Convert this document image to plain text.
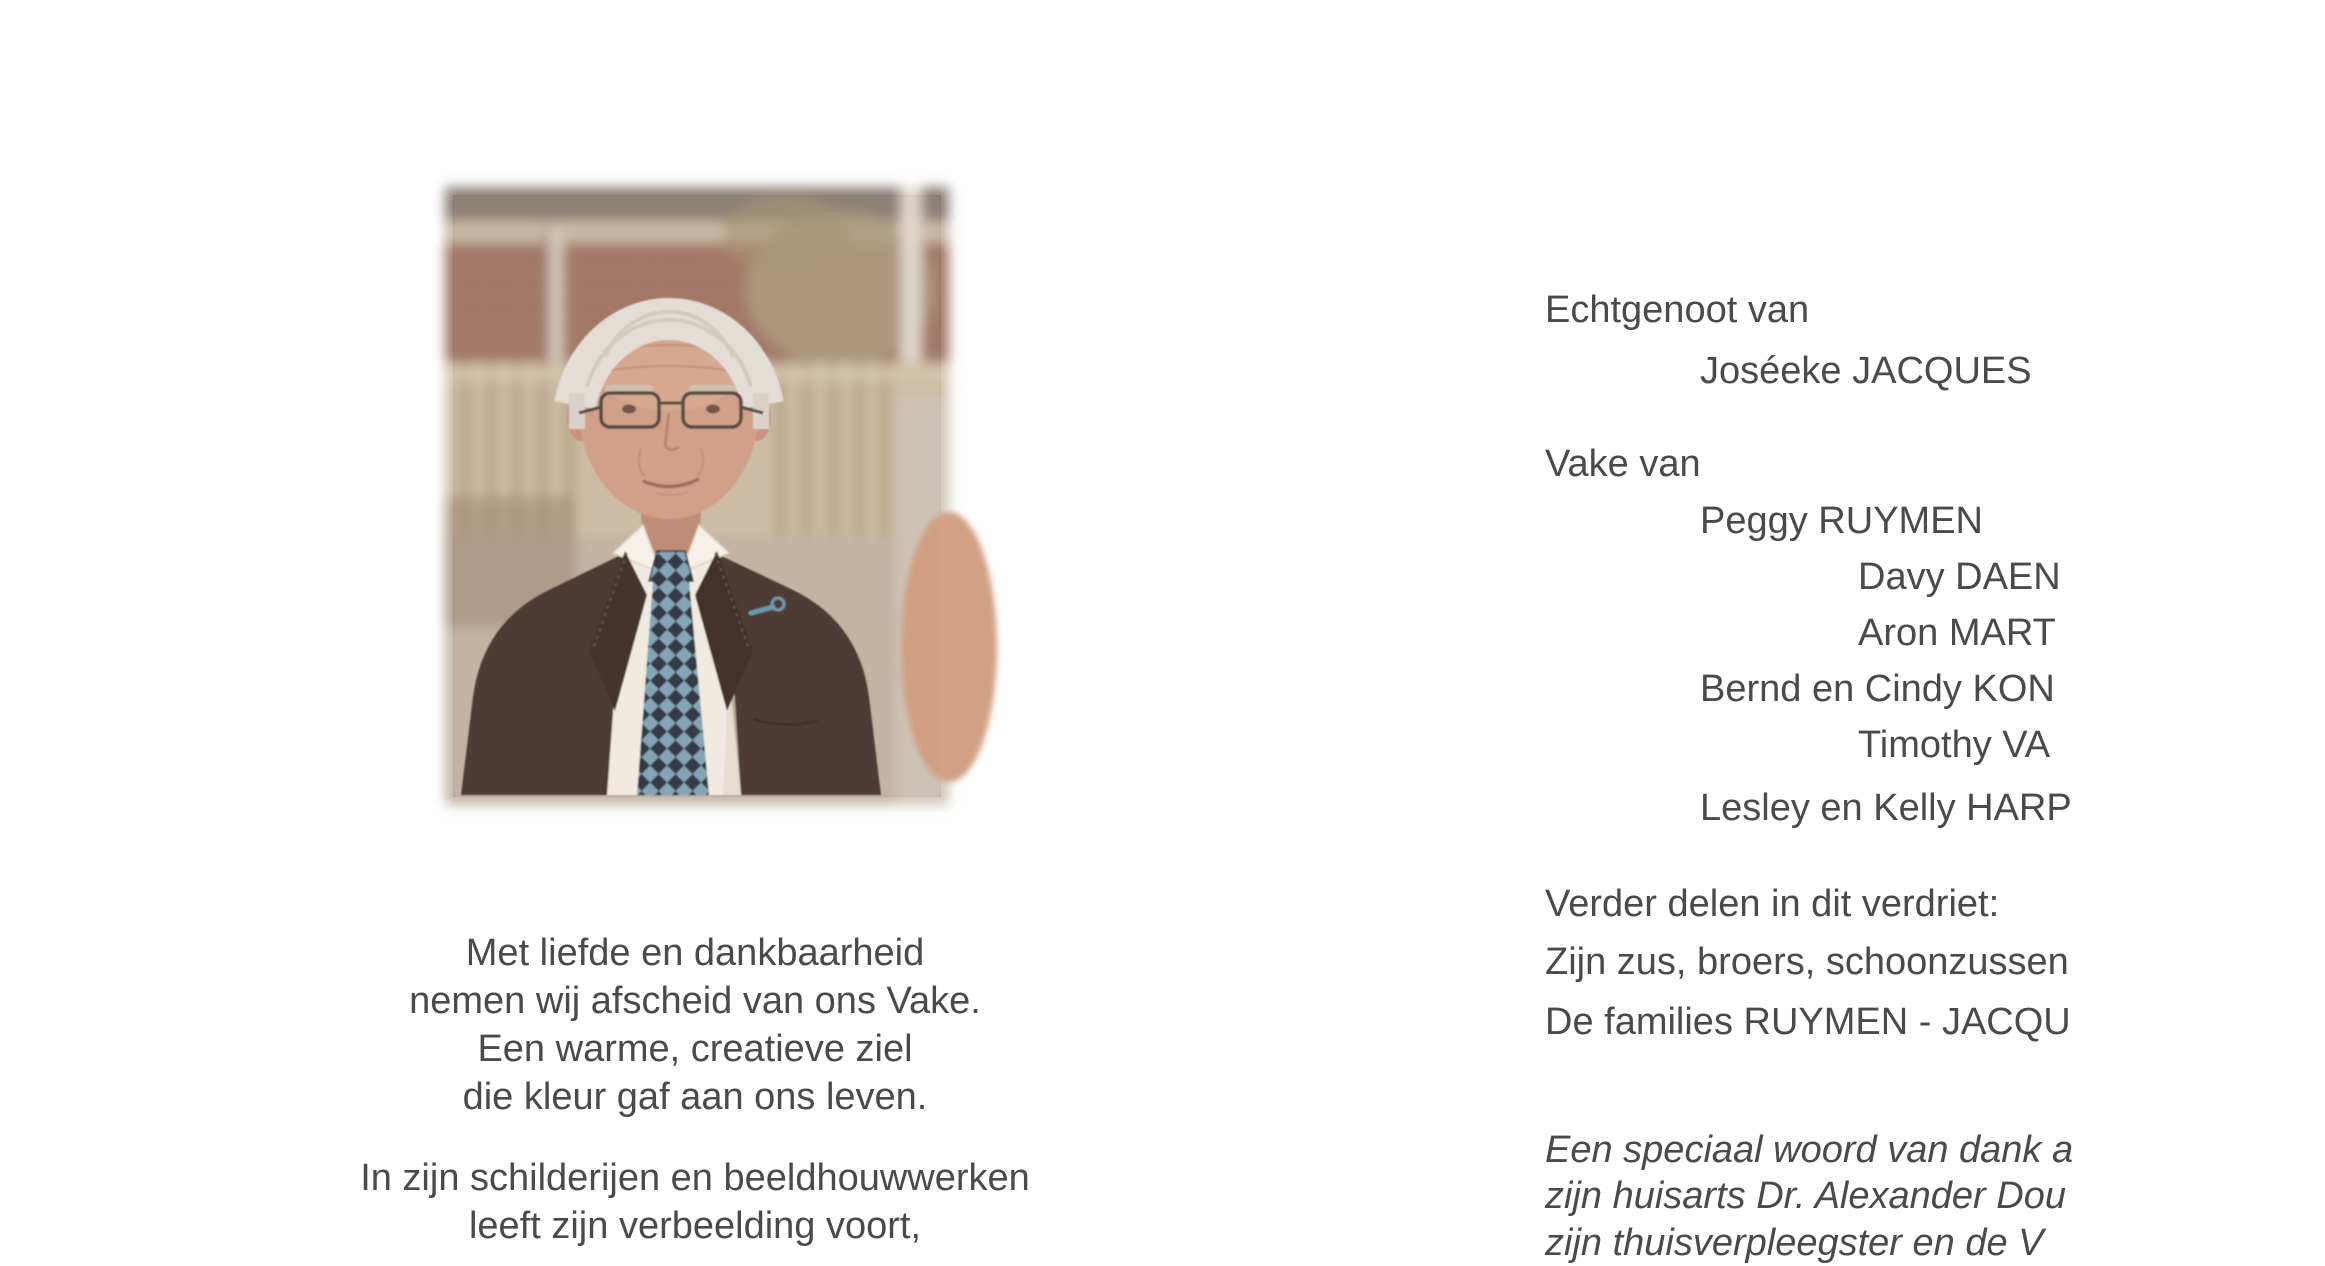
Met liefde en dankbaarheid
nemen wij afscheid van ons Vake.
Een warme, creatieve ziel
die kleur gaf aan ons leven.
In zijn schilderijen en beeldhouwwerken
leeft zijn verbeelding voort,
Echtgenoot van
Joséeke JACQUES
Vake van
Peggy RUYMEN
Davy DAEN
Aron MART
Bernd en Cindy KON
Timothy VA
Lesley en Kelly HARP
Verder delen in dit verdriet:
Zijn zus, broers, schoonzussen
De families RUYMEN - JACQU
Een speciaal woord van dank a
zijn huisarts Dr. Alexander Dou
zijn thuisverpleegster en de V
